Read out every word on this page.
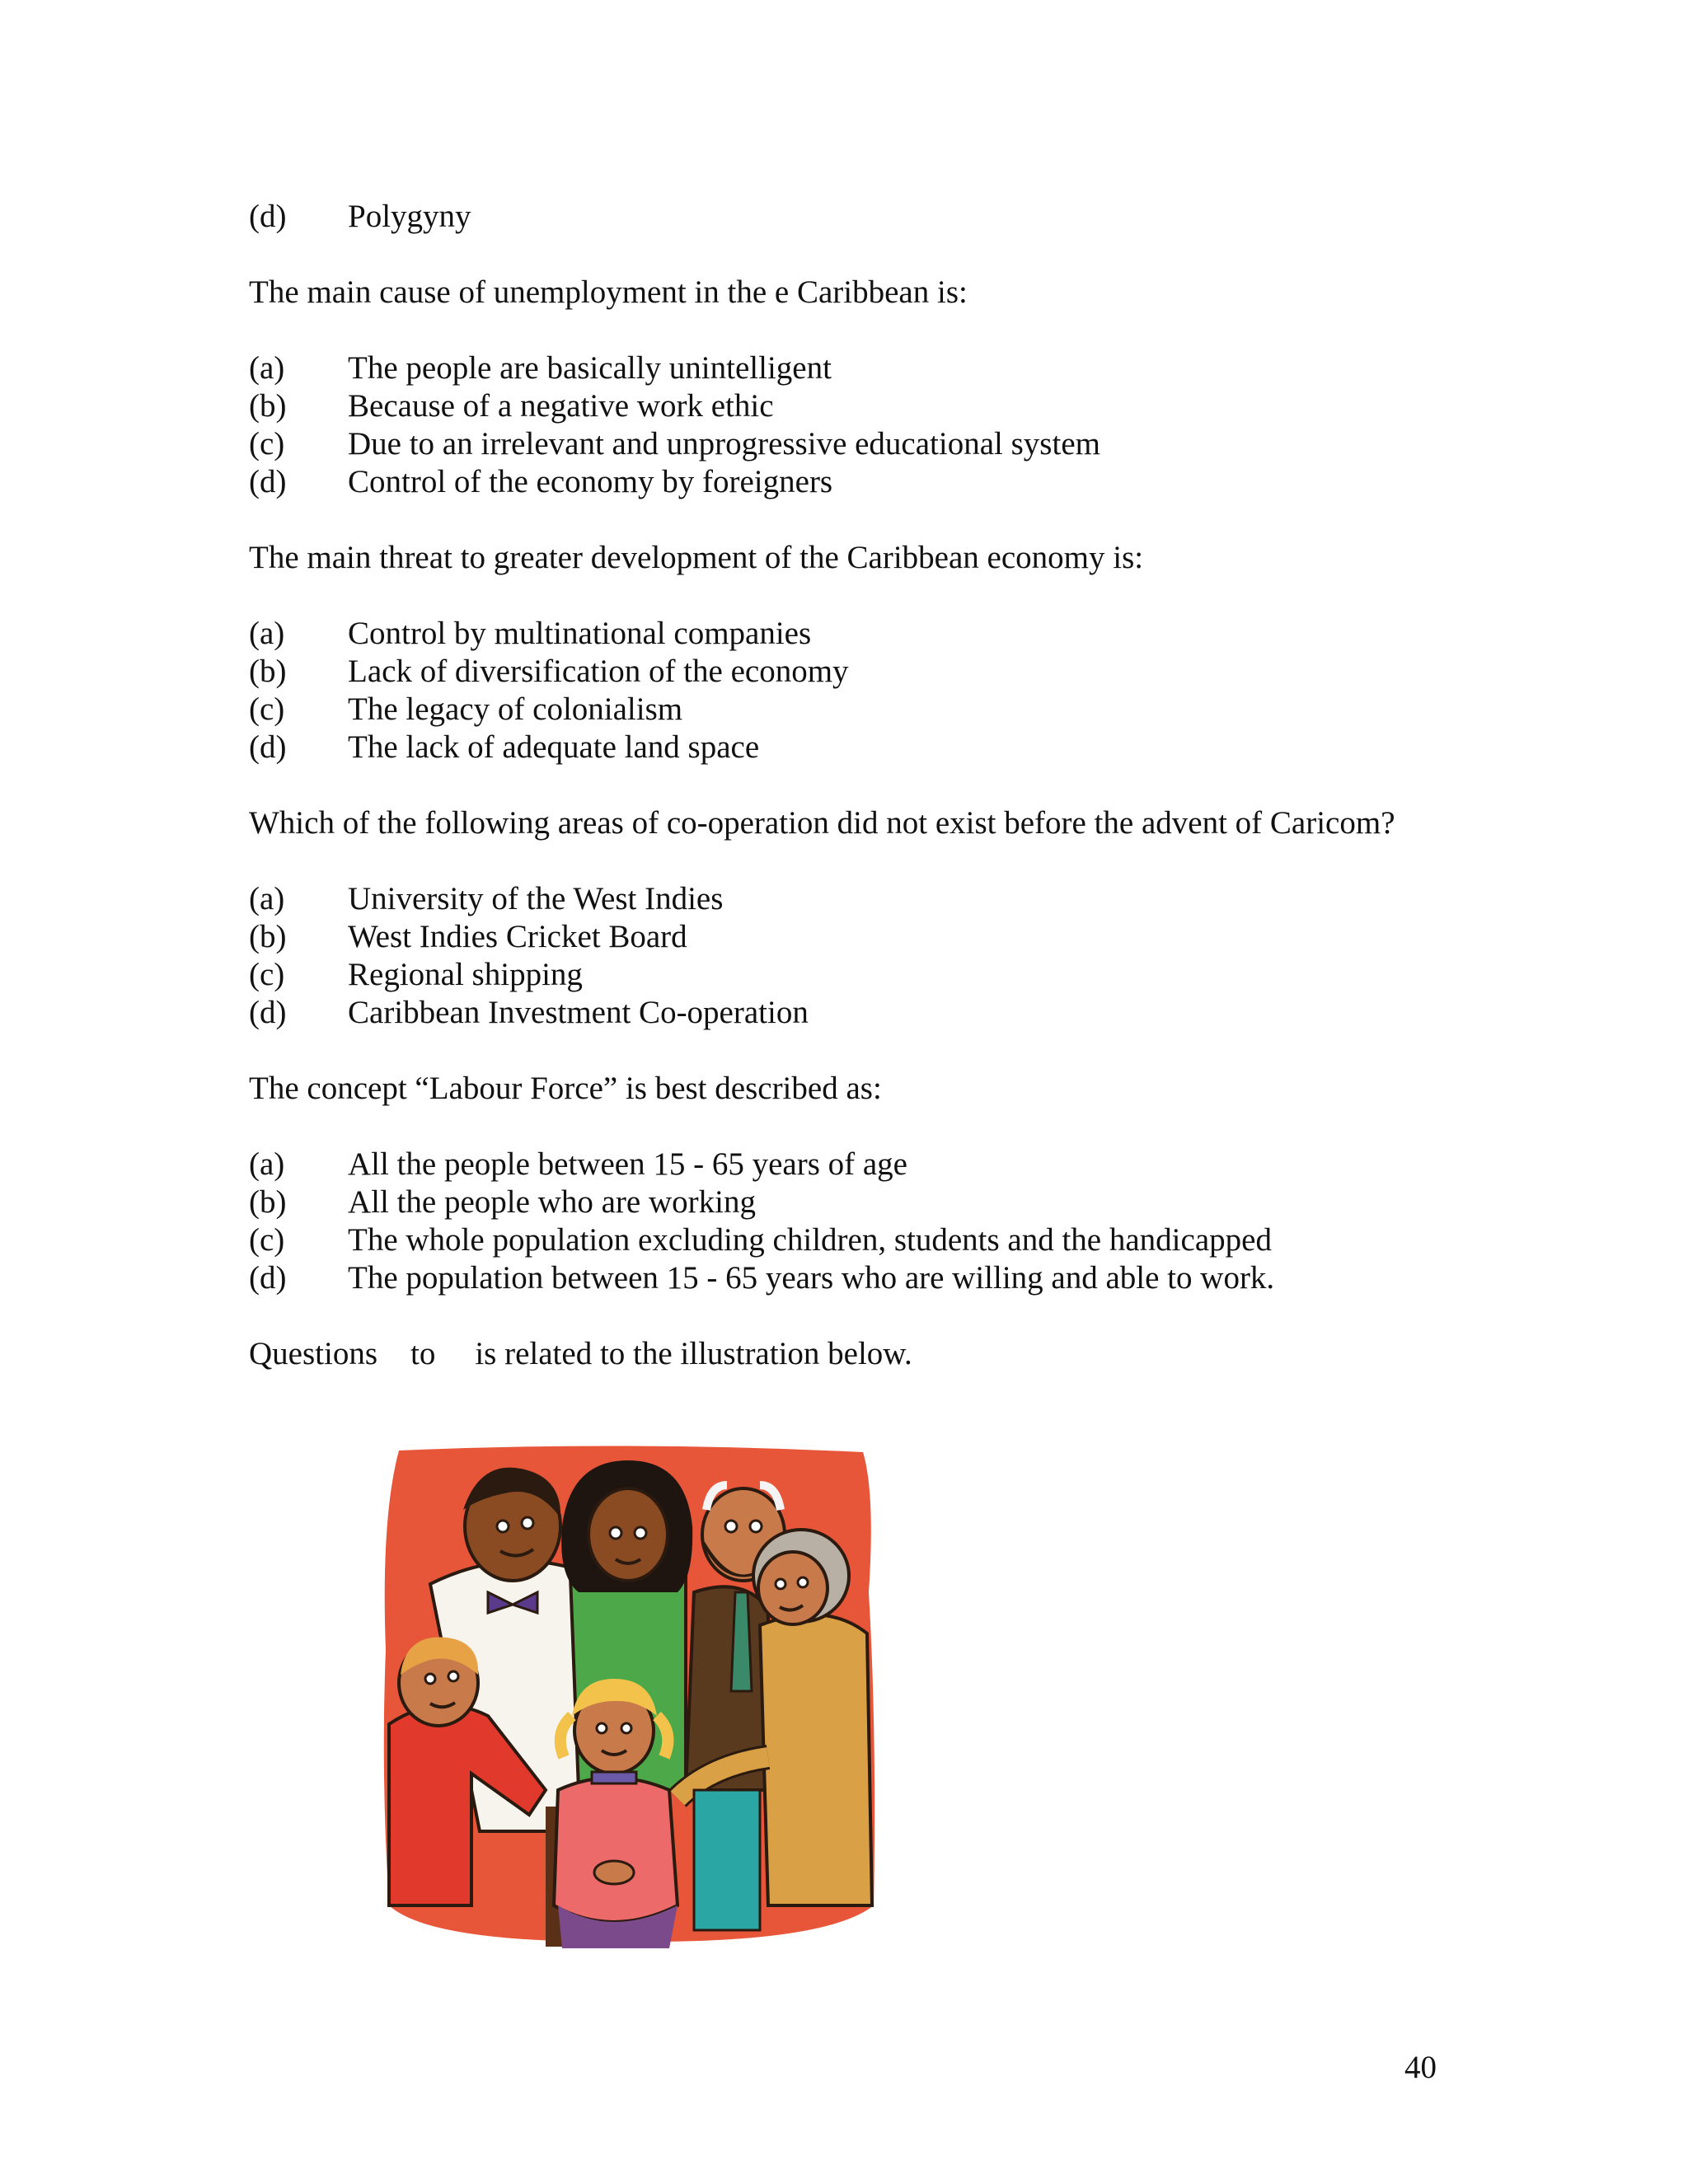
(d) Polygyny
The main cause of unemployment in the e Caribbean is:
(a) The people are basically unintelligent
(b) Because of a negative work ethic
(c) Due to an irrelevant and unprogressive educational system
(d) Control of the economy by foreigners
The main threat to greater development of the Caribbean economy is:
(a) Control by multinational companies
(b) Lack of diversification of the economy
(c) The legacy of colonialism
(d) The lack of adequate land space
Which of the following areas of co-operation did not exist before the advent of Caricom?
(a) University of the West Indies
(b) West Indies Cricket Board
(c) Regional shipping
(d) Caribbean Investment Co-operation
The concept “Labour Force” is best described as:
(a) All the people between 15 - 65 years of age
(b) All the people who are working
(c) The whole population excluding children, students and the handicapped
(d) The population between 15 - 65 years who are willing and able to work.
Questions to is related to the illustration below.
40
